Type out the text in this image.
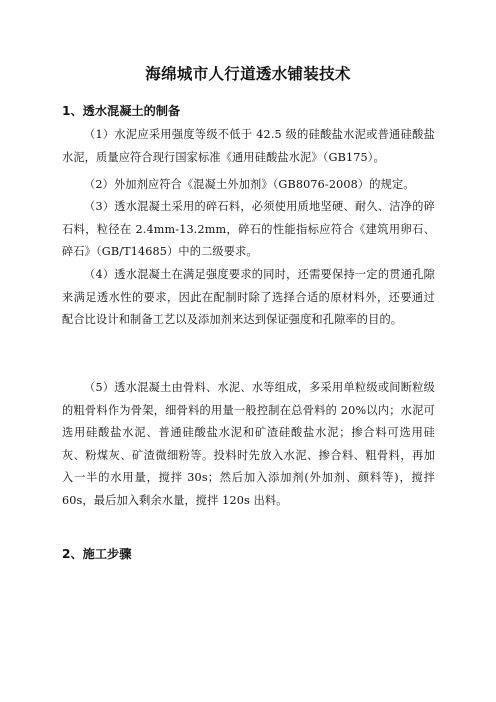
海绵城市人行道透水铺装技术
1、透水混凝土的制备

（1）水泥应采用强度等级不低于 42.5 级的硅酸盐水泥或普通硅酸盐水泥，质量应符合现行国家标准《通用硅酸盐水泥》（GB175）。

（2）外加剂应符合《混凝土外加剂》（GB8076-2008）的规定。

（3）透水混凝土采用的碎石料，必须使用质地坚硬、耐久、洁净的碎石料，粒径在 2.4mm-13.2mm，碎石的性能指标应符合《建筑用卵石、碎石》（GB/T14685）中的二级要求。

（4）透水混凝土在满足强度要求的同时，还需要保持一定的贯通孔隙来满足透水性的要求，因此在配制时除了选择合适的原材料外，还要通过配合比设计和制备工艺以及添加剂来达到保证强度和孔隙率的目的。

（5）透水混凝土由骨料、水泥、水等组成，多采用单粒级或间断粒级的粗骨料作为骨架，细骨料的用量一般控制在总骨料的 20%以内；水泥可选用硅酸盐水泥、普通硅酸盐水泥和矿渣硅酸盐水泥；掺合料可选用硅灰、粉煤灰、矿渣微细粉等。投料时先放入水泥、掺合料、粗骨料，再加入一半的水用量，搅拌 30s；然后加入添加剂(外加剂、颜料等)，搅拌 60s，最后加入剩余水量，搅拌 120s 出料。

2、施工步骤
